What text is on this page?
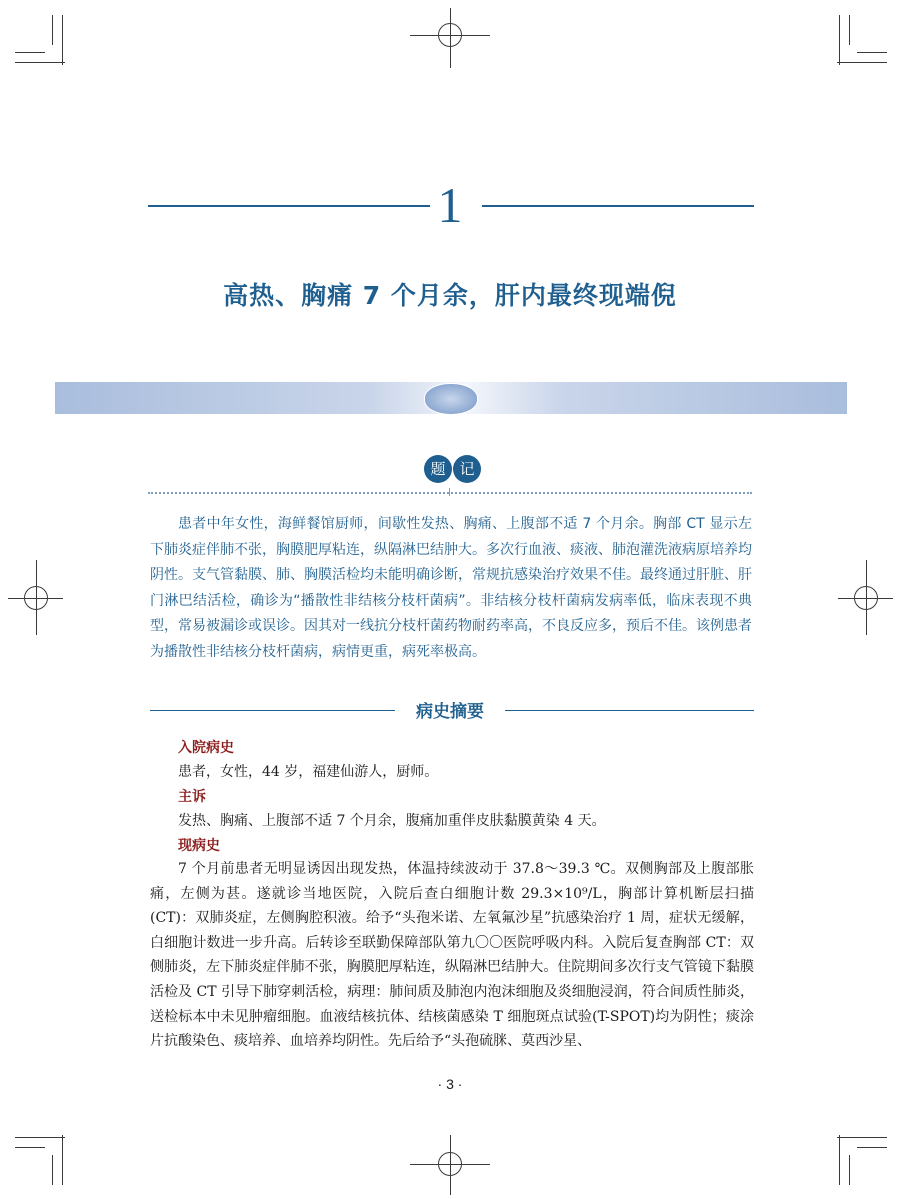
1
高热、胸痛 7 个月余，肝内最终现端倪
题 记

患者中年女性，海鲜餐馆厨师，间歇性发热、胸痛、上腹部不适 7 个月余。胸部 CT 显示左下肺炎症伴肺不张，胸膜肥厚粘连，纵隔淋巴结肿大。多次行血液、痰液、肺泡灌洗液病原培养均阴性。支气管黏膜、肺、胸膜活检均未能明确诊断，常规抗感染治疗效果不佳。最终通过肝脏、肝门淋巴结活检，确诊为“播散性非结核分枝杆菌病”。非结核分枝杆菌病发病率低，临床表现不典型，常易被漏诊或误诊。因其对一线抗分枝杆菌药物耐药率高，不良反应多，预后不佳。该例患者为播散性非结核分枝杆菌病，病情更重，病死率极高。

病史摘要
入院病史

患者，女性，44 岁，福建仙游人，厨师。

主诉

发热、胸痛、上腹部不适 7 个月余，腹痛加重伴皮肤黏膜黄染 4 天。

现病史

7 个月前患者无明显诱因出现发热，体温持续波动于 37.8～39.3 ℃。双侧胸部及上腹部胀痛，左侧为甚。遂就诊当地医院，入院后查白细胞计数 29.3×10⁹/L，胸部计算机断层扫描(CT)：双肺炎症，左侧胸腔积液。给予“头孢米诺、左氧氟沙星”抗感染治疗 1 周，症状无缓解，白细胞计数进一步升高。后转诊至联勤保障部队第九〇〇医院呼吸内科。入院后复查胸部 CT：双侧肺炎，左下肺炎症伴肺不张，胸膜肥厚粘连，纵隔淋巴结肿大。住院期间多次行支气管镜下黏膜活检及 CT 引导下肺穿刺活检，病理：肺间质及肺泡内泡沫细胞及炎细胞浸润，符合间质性肺炎，送检标本中未见肿瘤细胞。血液结核抗体、结核菌感染 T 细胞斑点试验(T-SPOT)均为阴性；痰涂片抗酸染色、痰培养、血培养均阴性。先后给予“头孢硫脒、莫西沙星、

· 3 ·
